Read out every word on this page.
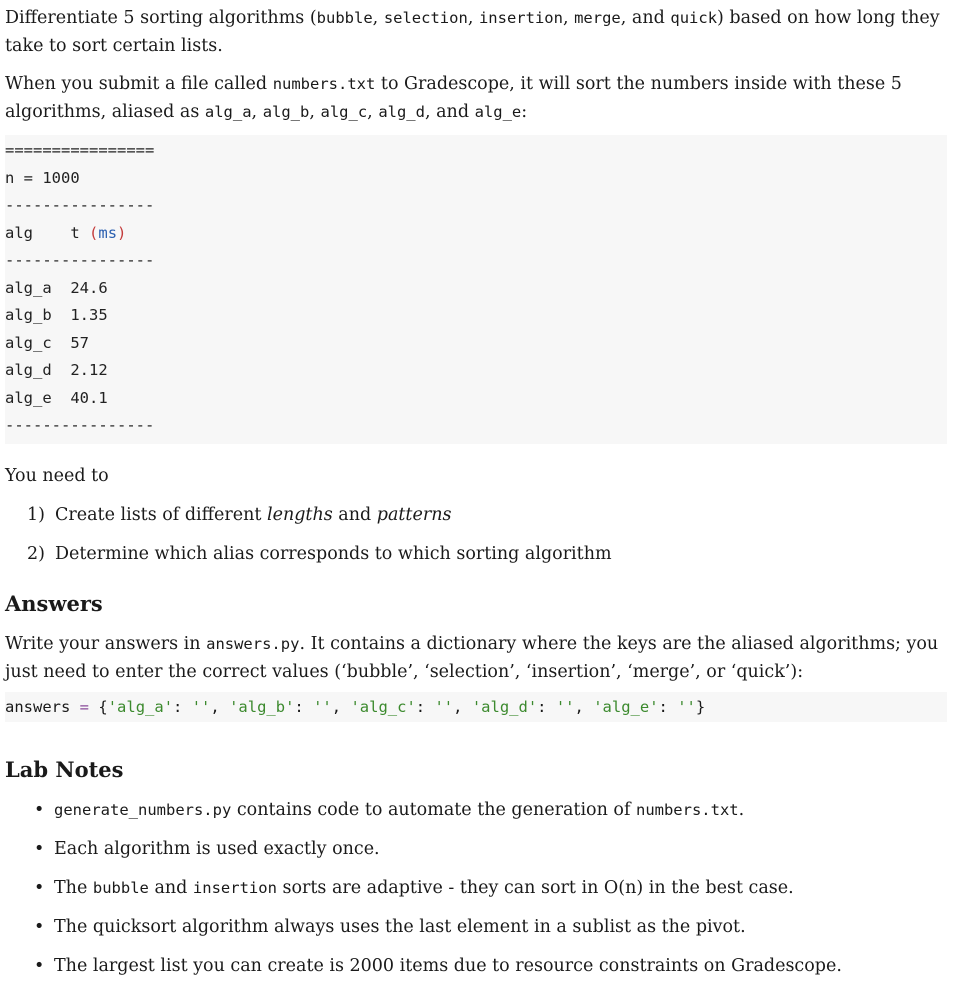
Differentiate 5 sorting algorithms (bubble, selection, insertion, merge, and quick) based on how long they take to sort certain lists.

When you submit a file called numbers.txt to Gradescope, it will sort the numbers inside with these 5 algorithms, aliased as alg_a, alg_b, alg_c, alg_d, and alg_e:

================
n = 1000
----------------
alg t (ms)
----------------
alg_a 24.6
alg_b 1.35
alg_c 57
alg_d 2.12
alg_e 40.1
----------------

You need to

1) Create lists of different lengths and patterns
2) Determine which alias corresponds to which sorting algorithm
Answers

Write your answers in answers.py. It contains a dictionary where the keys are the aliased algorithms; you just need to enter the correct values (‘bubble’, ‘selection’, ‘insertion’, ‘merge’, or ‘quick’):

answers = {'alg_a': '', 'alg_b': '', 'alg_c': '', 'alg_d': '', 'alg_e': ''}
Lab Notes
• generate_numbers.py contains code to automate the generation of numbers.txt.
• Each algorithm is used exactly once.
• The bubble and insertion sorts are adaptive - they can sort in O(n) in the best case.
• The quicksort algorithm always uses the last element in a sublist as the pivot.
• The largest list you can create is 2000 items due to resource constraints on Gradescope.
